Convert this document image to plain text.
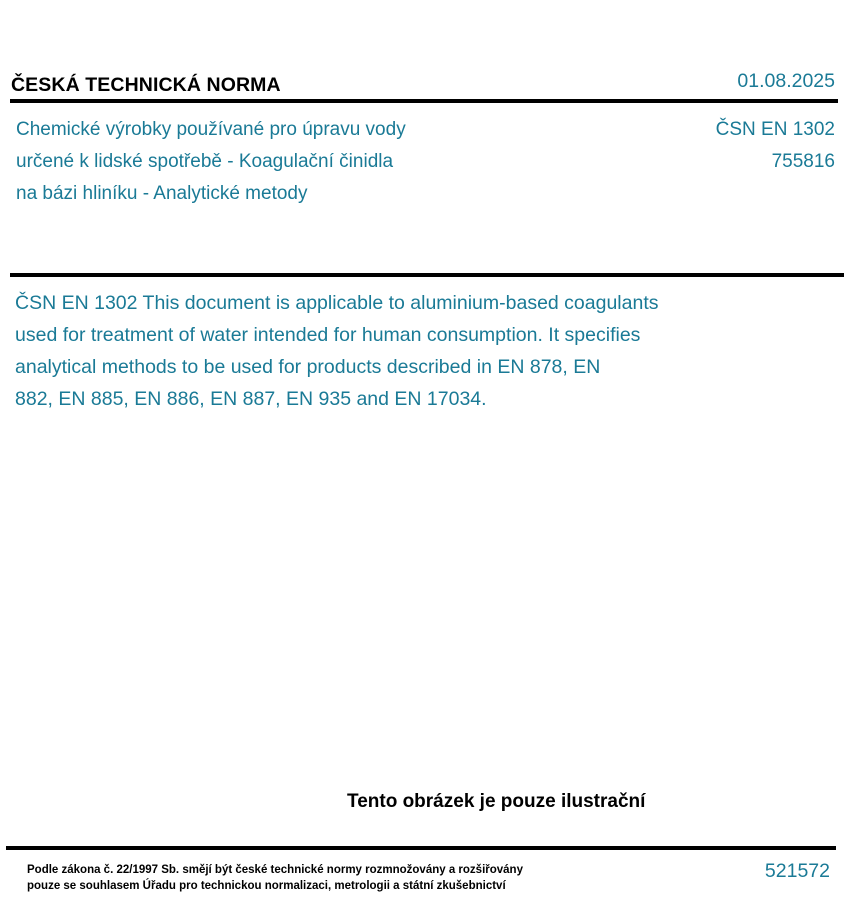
ČESKÁ TECHNICKÁ NORMA	01.08.2025
Chemické výrobky používané pro úpravu vody
určené k lidské spotřebě - Koagulační činidla
na bázi hliníku - Analytické metody
ČSN EN 1302
755816
ČSN EN 1302 This document is applicable to aluminium-based coagulants
used for treatment of water intended for human consumption. It specifies
analytical methods to be used for products described in EN 878, EN
882, EN 885, EN 886, EN 887, EN 935 and EN 17034.
Tento obrázek je pouze ilustrační
Podle zákona č. 22/1997 Sb. smějí být české technické normy rozmnožovány a rozšiřovány
pouze se souhlasem Úřadu pro technickou normalizaci, metrologii a státní zkušebnictví
521572
